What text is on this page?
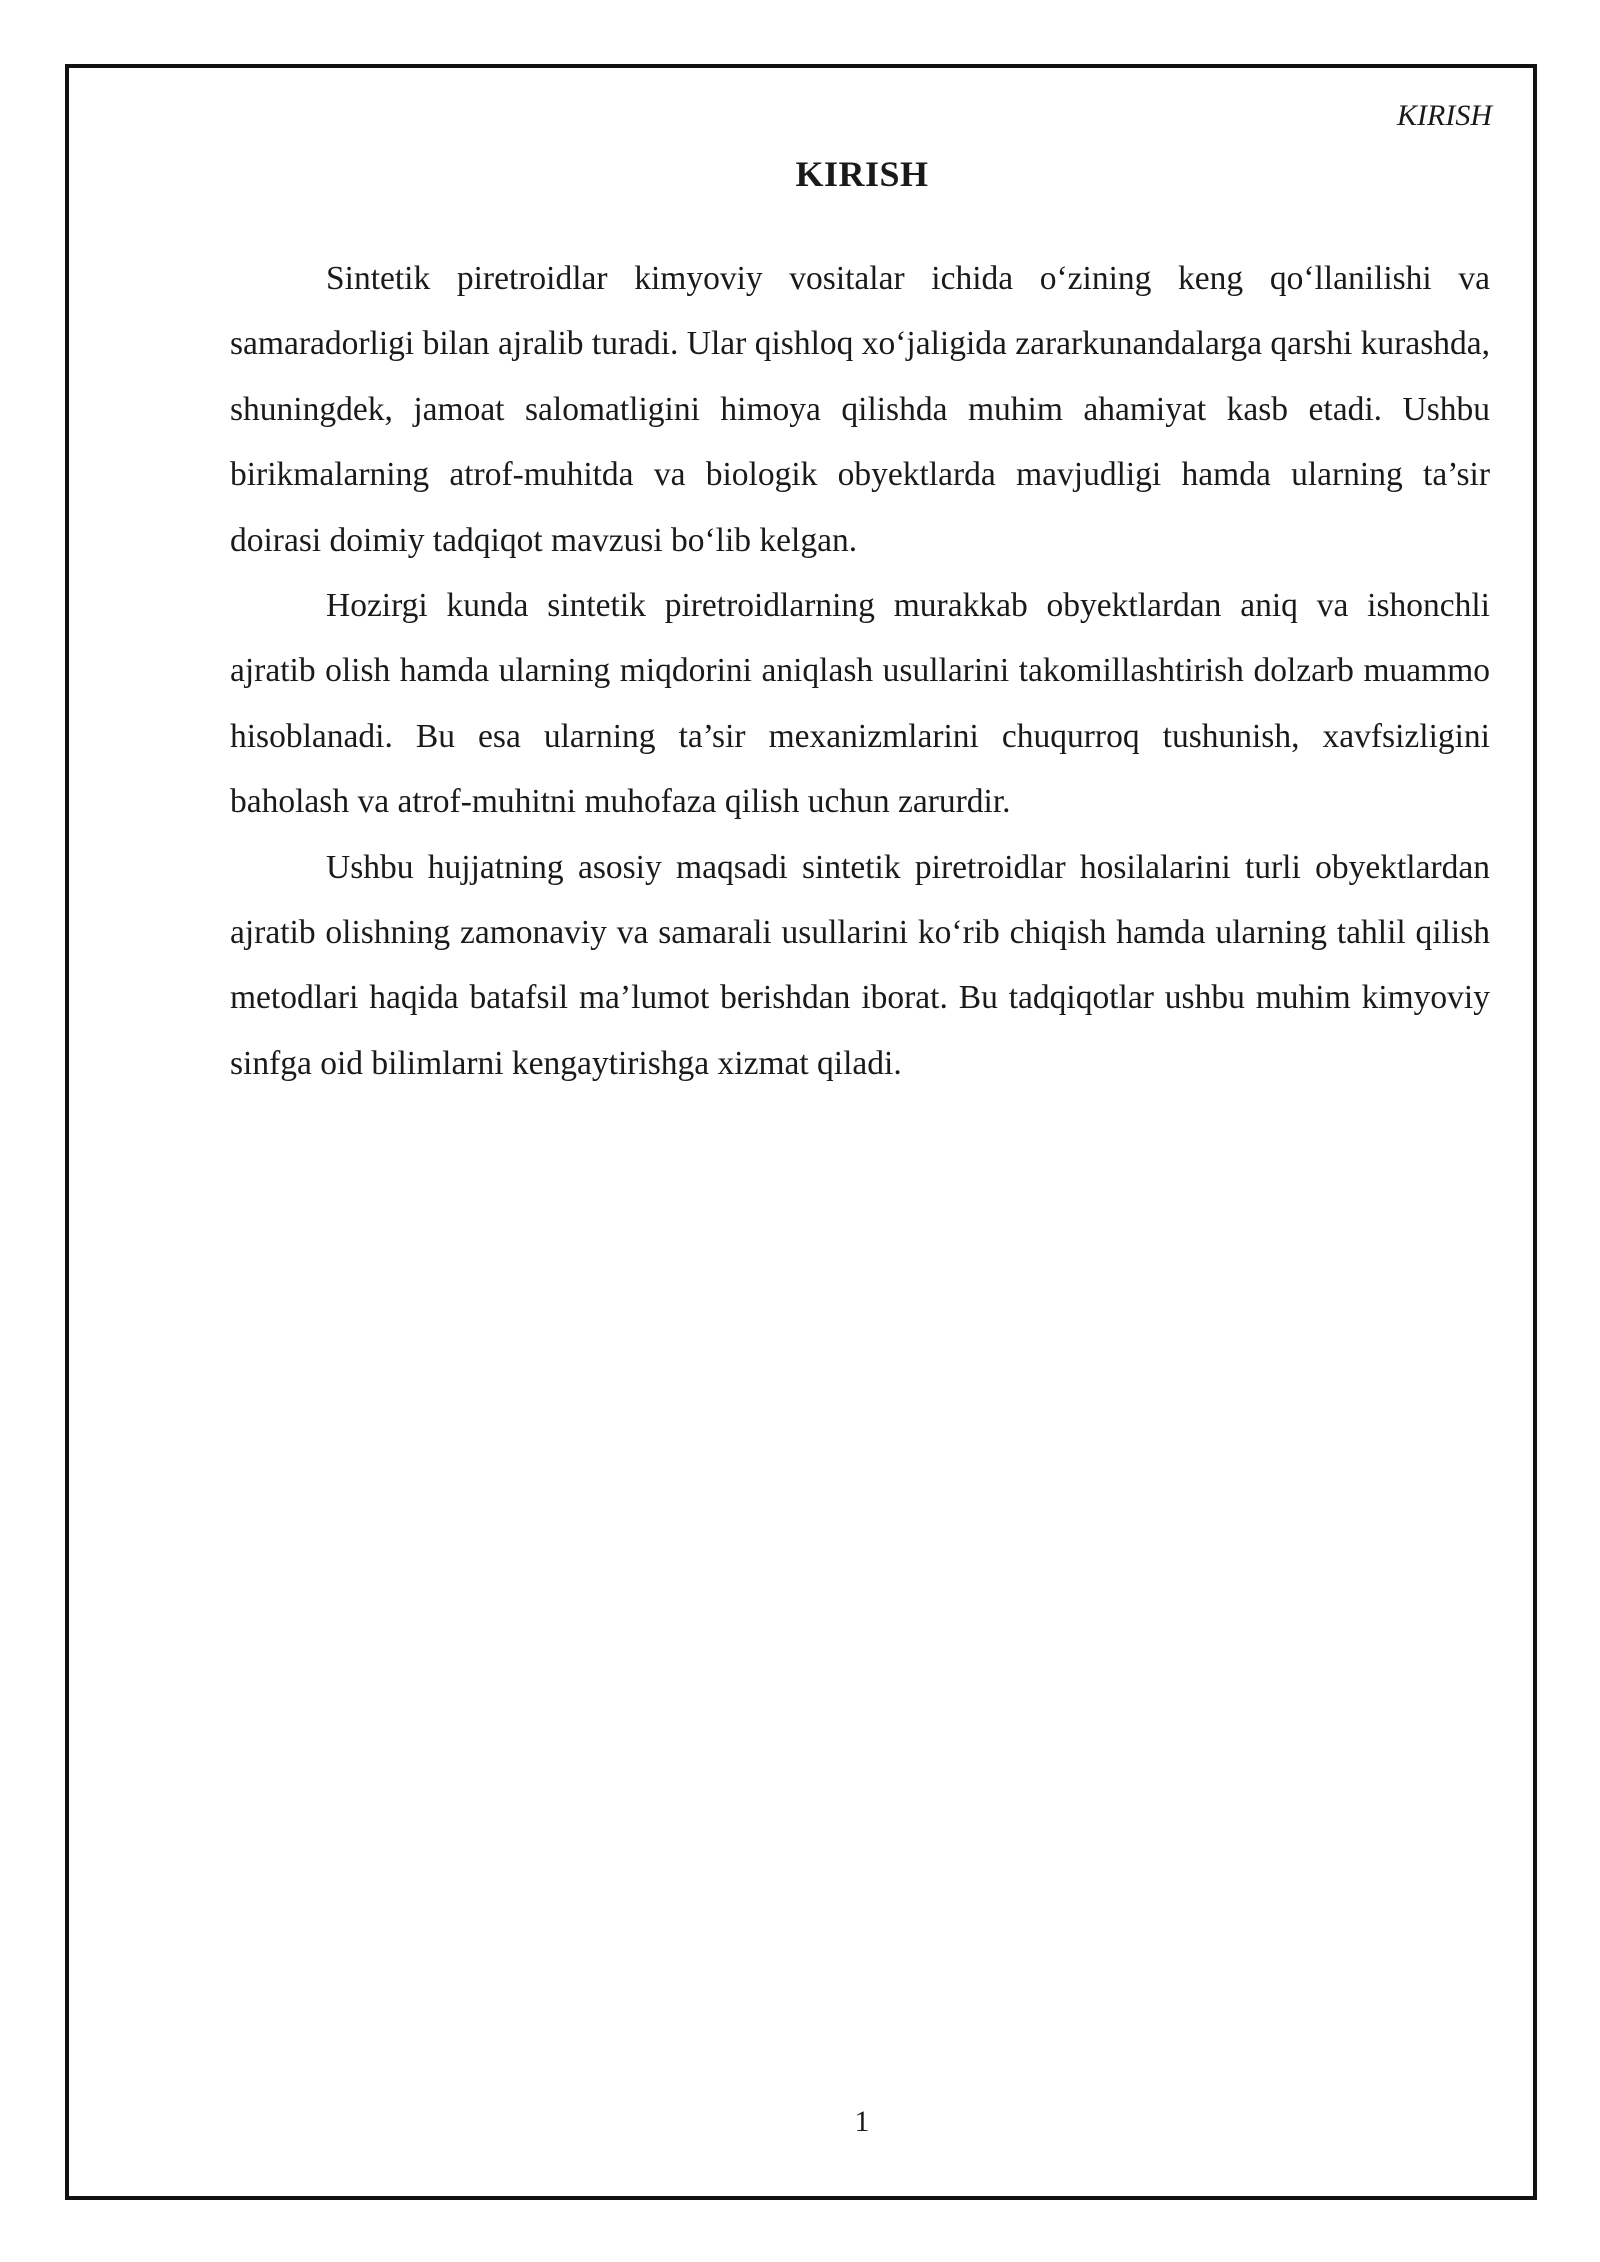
KIRISH
KIRISH

Sintetik piretroidlar kimyoviy vositalar ichida o‘zining keng qo‘llanilishi va samaradorligi bilan ajralib turadi. Ular qishloq xo‘jaligida zararkunandalarga qarshi kurashda, shuningdek, jamoat salomatligini himoya qilishda muhim ahamiyat kasb etadi. Ushbu birikmalarning atrof-muhitda va biologik obyektlarda mavjudligi hamda ularning ta’sir doirasi doimiy tadqiqot mavzusi bo‘lib kelgan.

Hozirgi kunda sintetik piretroidlarning murakkab obyektlardan aniq va ishonchli ajratib olish hamda ularning miqdorini aniqlash usullarini takomillashtirish dolzarb muammo hisoblanadi. Bu esa ularning ta’sir mexanizmlarini chuqurroq tushunish, xavfsizligini baholash va atrof-muhitni muhofaza qilish uchun zarurdir.

Ushbu hujjatning asosiy maqsadi sintetik piretroidlar hosilalarini turli obyektlardan ajratib olishning zamonaviy va samarali usullarini ko‘rib chiqish hamda ularning tahlil qilish metodlari haqida batafsil ma’lumot berishdan iborat. Bu tadqiqotlar ushbu muhim kimyoviy sinfga oid bilimlarni kengaytirishga xizmat qiladi.

1
